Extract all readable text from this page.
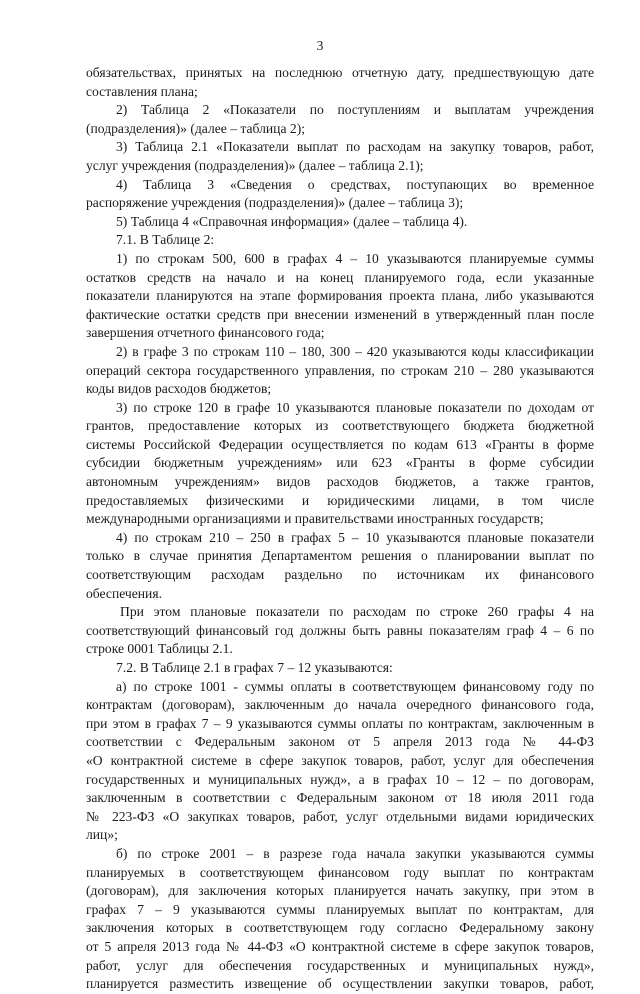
3
обязательствах, принятых на последнюю отчетную дату, предшествующую дате
составления плана;
2) Таблица 2 «Показатели по поступлениям и выплатам учреждения
(подразделения)» (далее – таблица 2);
3) Таблица 2.1 «Показатели выплат по расходам на закупку товаров, работ,
услуг учреждения (подразделения)» (далее – таблица 2.1);
4) Таблица 3 «Сведения о средствах, поступающих во временное
распоряжение учреждения (подразделения)» (далее – таблица 3);
5) Таблица 4 «Справочная информация» (далее – таблица 4).
7.1. В Таблице 2:
1) по строкам 500, 600 в графах 4 – 10 указываются планируемые суммы
остатков средств на начало и на конец планируемого года, если указанные
показатели планируются на этапе формирования проекта плана, либо указываются
фактические остатки средств при внесении изменений в утвержденный план после
завершения отчетного финансового года;
2) в графе 3 по строкам 110 – 180, 300 – 420 указываются коды классификации
операций сектора государственного управления, по строкам 210 – 280 указываются
коды видов расходов бюджетов;
3) по строке 120 в графе 10 указываются плановые показатели по доходам от
грантов, предоставление которых из соответствующего бюджета бюджетной
системы Российской Федерации осуществляется по кодам 613 «Гранты в форме
субсидии бюджетным учреждениям» или 623 «Гранты в форме субсидии
автономным учреждениям» видов расходов бюджетов, а также грантов,
предоставляемых физическими и юридическими лицами, в том числе
международными организациями и правительствами иностранных государств;
4) по строкам 210 – 250 в графах 5 – 10 указываются плановые показатели
только в случае принятия Департаментом решения о планировании выплат по
соответствующим расходам раздельно по источникам их финансового
обеспечения.
При этом плановые показатели по расходам по строке 260 графы 4 на
соответствующий финансовый год должны быть равны показателям граф 4 – 6 по
строке 0001 Таблицы 2.1.
7.2. В Таблице 2.1 в графах 7 – 12 указываются:
а) по строке 1001 - суммы оплаты в соответствующем финансовому году по
контрактам (договорам), заключенным до начала очередного финансового года,
при этом в графах 7 – 9 указываются суммы оплаты по контрактам, заключенным в
соответствии с Федеральным законом от 5 апреля 2013 года № 44-ФЗ
«О контрактной системе в сфере закупок товаров, работ, услуг для обеспечения
государственных и муниципальных нужд», а в графах 10 – 12 – по договорам,
заключенным в соответствии с Федеральным законом от 18 июля 2011 года
№ 223-ФЗ «О закупках товаров, работ, услуг отдельными видами юридических
лиц»;
б) по строке 2001 – в разрезе года начала закупки указываются суммы
планируемых в соответствующем финансовом году выплат по контрактам
(договорам), для заключения которых планируется начать закупку, при этом в
графах 7 – 9 указываются суммы планируемых выплат по контрактам, для
заключения которых в соответствующем году согласно Федеральному закону
от 5 апреля 2013 года № 44-ФЗ «О контрактной системе в сфере закупок товаров,
работ, услуг для обеспечения государственных и муниципальных нужд»,
планируется разместить извещение об осуществлении закупки товаров, работ,
